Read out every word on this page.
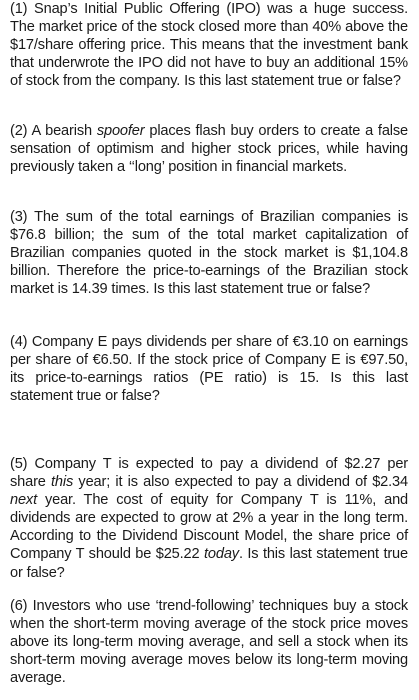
(1) Snap’s Initial Public Offering (IPO) was a huge success. The market price of the stock closed more than 40% above the $17/share offering price. This means that the investment bank that underwrote the IPO did not have to buy an additional 15% of stock from the company. Is this last statement true or false?

(2) A bearish spoofer places flash buy orders to create a false sensation of optimism and higher stock prices, while having previously taken a ‘‘long’ position in financial markets.

(3) The sum of the total earnings of Brazilian companies is $76.8 billion; the sum of the total market capitalization of Brazilian companies quoted in the stock market is $1,104.8 billion. Therefore the price-to-earnings of the Brazilian stock market is 14.39 times. Is this last statement true or false?

(4) Company E pays dividends per share of €3.10 on earnings per share of €6.50. If the stock price of Company E is €97.50, its price-to-earnings ratios (PE ratio) is 15. Is this last statement true or false?

(5) Company T is expected to pay a dividend of $2.27 per share this year; it is also expected to pay a dividend of $2.34 next year. The cost of equity for Company T is 11%, and dividends are expected to grow at 2% a year in the long term. According to the Dividend Discount Model, the share price of Company T should be $25.22 today. Is this last statement true or false?

(6) Investors who use ‘trend-following’ techniques buy a stock when the short-term moving average of the stock price moves above its long-term moving average, and sell a stock when its short-term moving average moves below its long-term moving average.
